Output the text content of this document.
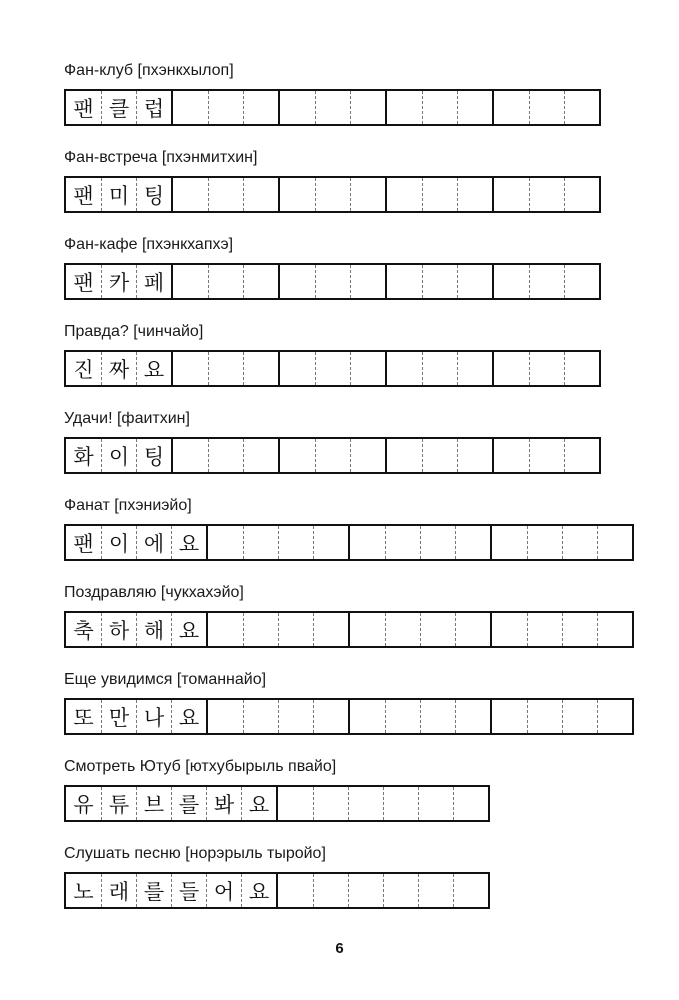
Фан-клуб [пхэнкхылоп]
팬 클 럽
Фан-встреча [пхэнмитхин]
팬 미 팅
Фан-кафе [пхэнкхапхэ]
팬 카 페
Правда? [чинчайо]
진 짜 요
Удачи! [фаитхин]
화 이 팅
Фанат [пхэниэйо]
팬 이 에 요
Поздравляю [чукхахэйо]
축 하 해 요
Еще увидимся [томаннайо]
또 만 나 요
Смотреть Ютуб [ютхубырыль пвайо]
유 튜 브 를 봐 요
Слушать песню [норэрыль тыройо]
노 래 를 들 어 요
6
